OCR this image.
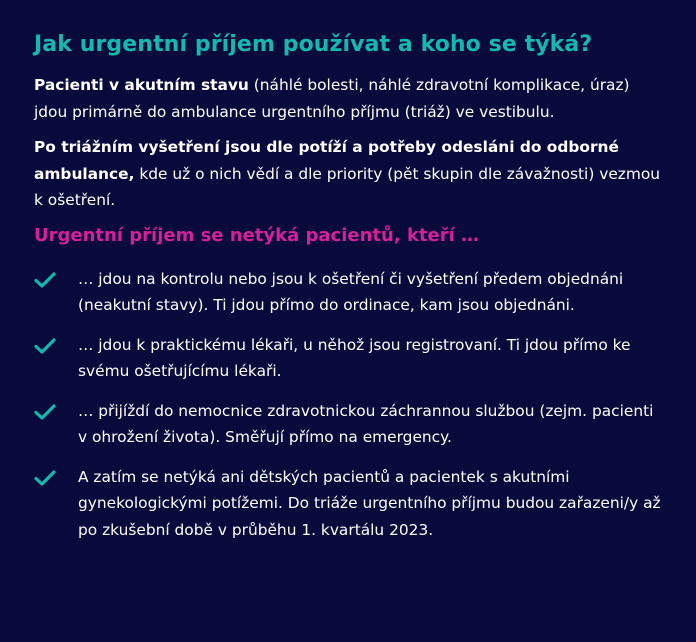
Jak urgentní příjem používat a koho se týká?

Pacienti v akutním stavu (náhlé bolesti, náhlé zdravotní komplikace, úraz) jdou primárně do ambulance urgentního příjmu (triáž) ve vestibulu.

Po triážním vyšetření jsou dle potíží a potřeby odesláni do odborné ambulance, kde už o nich vědí a dle priority (pět skupin dle závažnosti) vezmou k ošetření.

Urgentní příjem se netýká pacientů, kteří …
… jdou na kontrolu nebo jsou k ošetření či vyšetření předem objednáni (neakutní stavy). Ti jdou přímo do ordinace, kam jsou objednáni.
… jdou k praktickému lékaři, u něhož jsou registrovaní. Ti jdou přímo ke svému ošetřujícímu lékaři.
… přijíždí do nemocnice zdravotnickou záchrannou službou (zejm. pacienti v ohrožení života). Směřují přímo na emergency.
A zatím se netýká ani dětských pacientů a pacientek s akutními gynekologickými potížemi. Do triáže urgentního příjmu budou zařazeni/y až po zkušební době v průběhu 1. kvartálu 2023.
